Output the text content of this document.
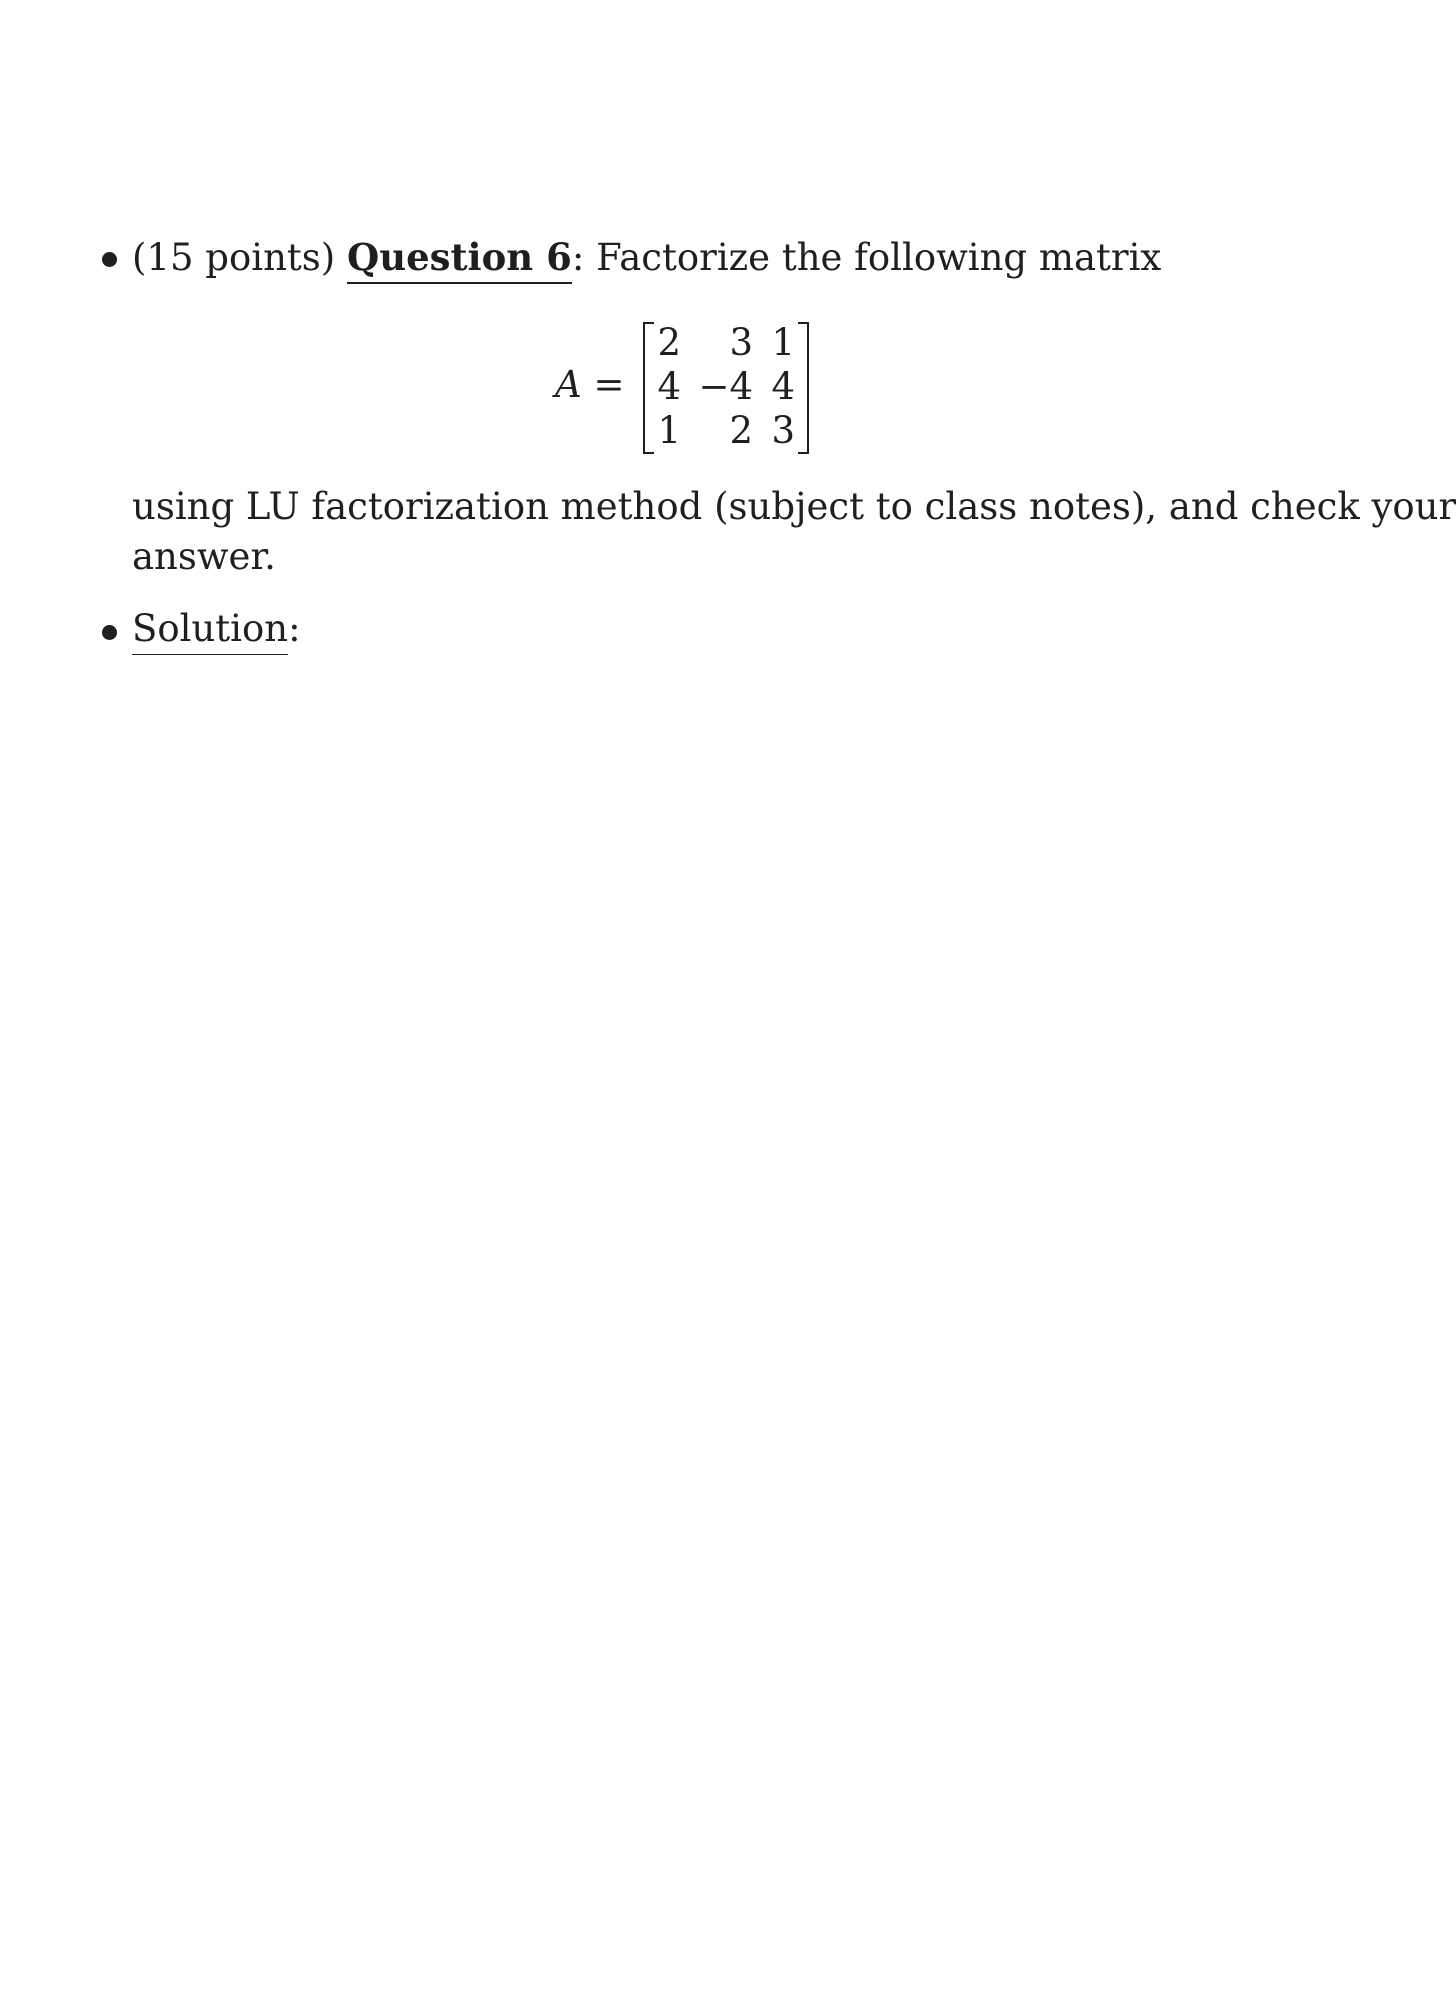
(15 points) Question 6: Factorize the following matrix
A =
2	3 1
4 −4 4
1	2 3
using LU factorization method (subject to class notes), and check your
answer.
Solution:
